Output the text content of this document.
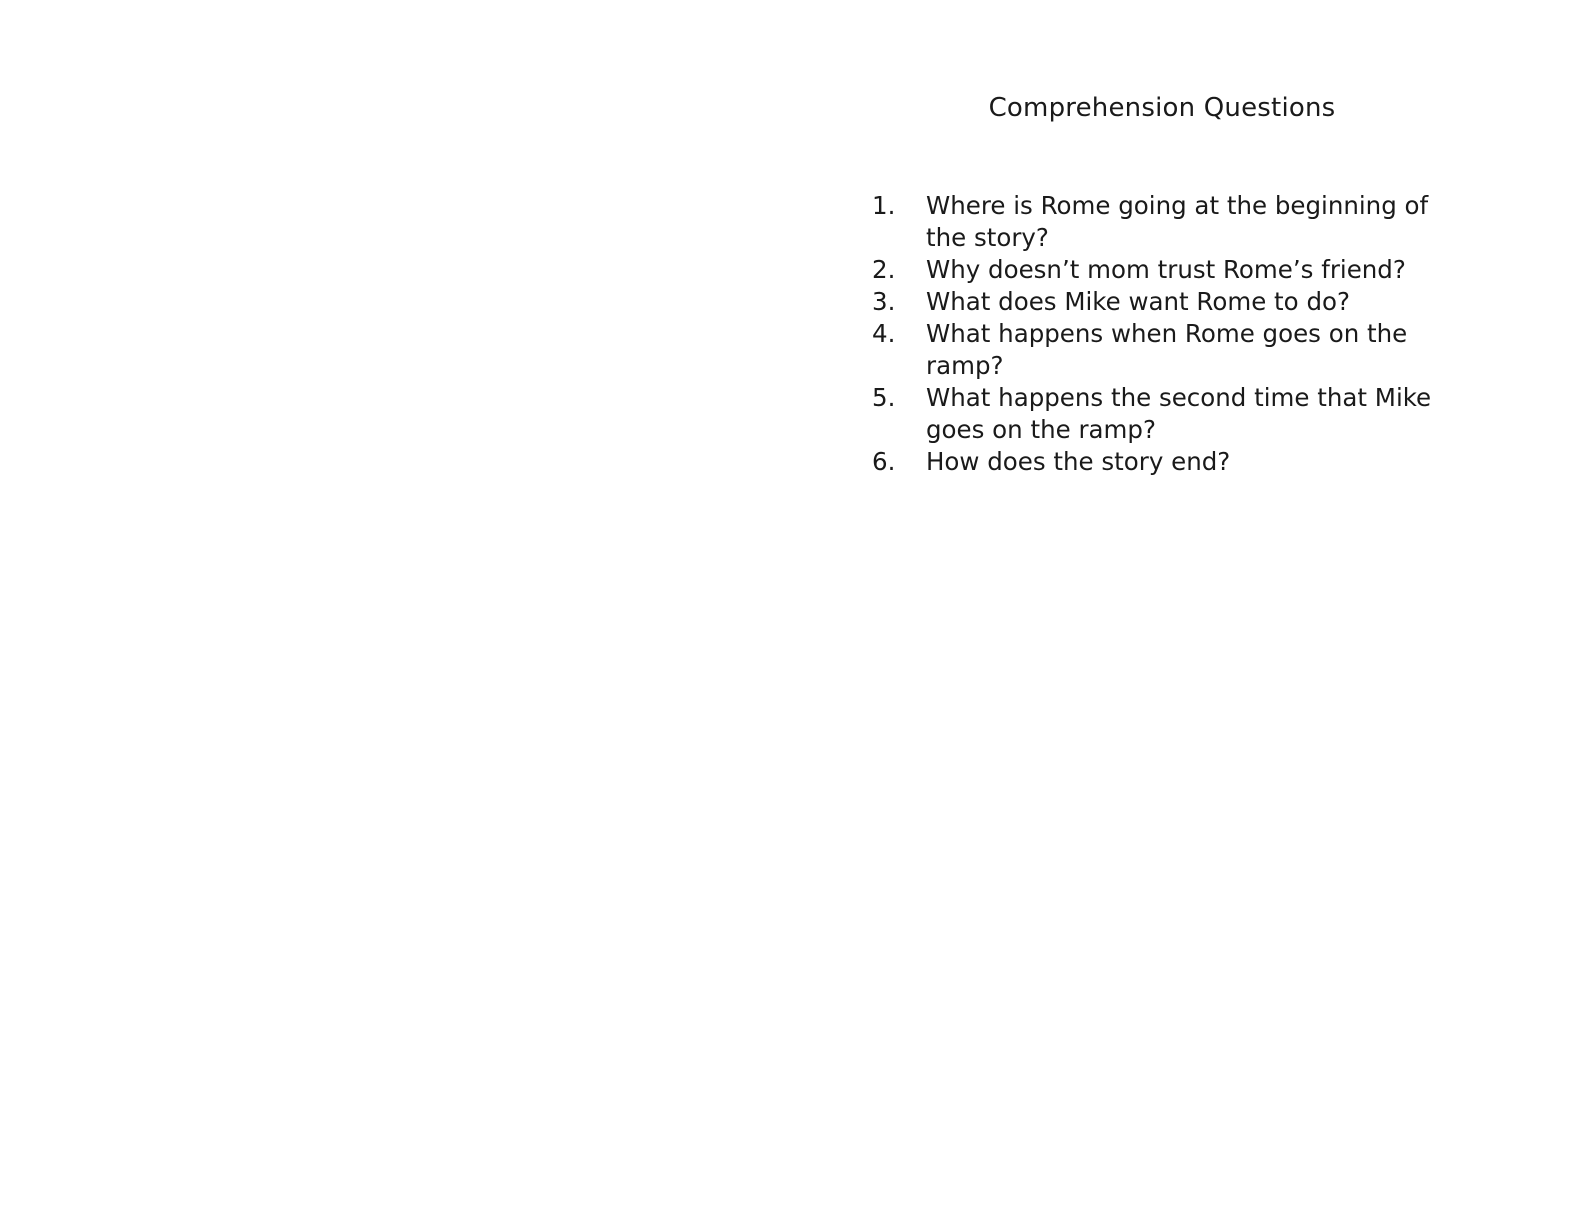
Comprehension Questions
1.	Where is Rome going at the beginning of the story?
2.	Why doesn’t mom trust Rome’s friend?
3.	What does Mike want Rome to do?
4.	What happens when Rome goes on the ramp?
5.	What happens the second time that Mike goes on the ramp?
6.	How does the story end?
